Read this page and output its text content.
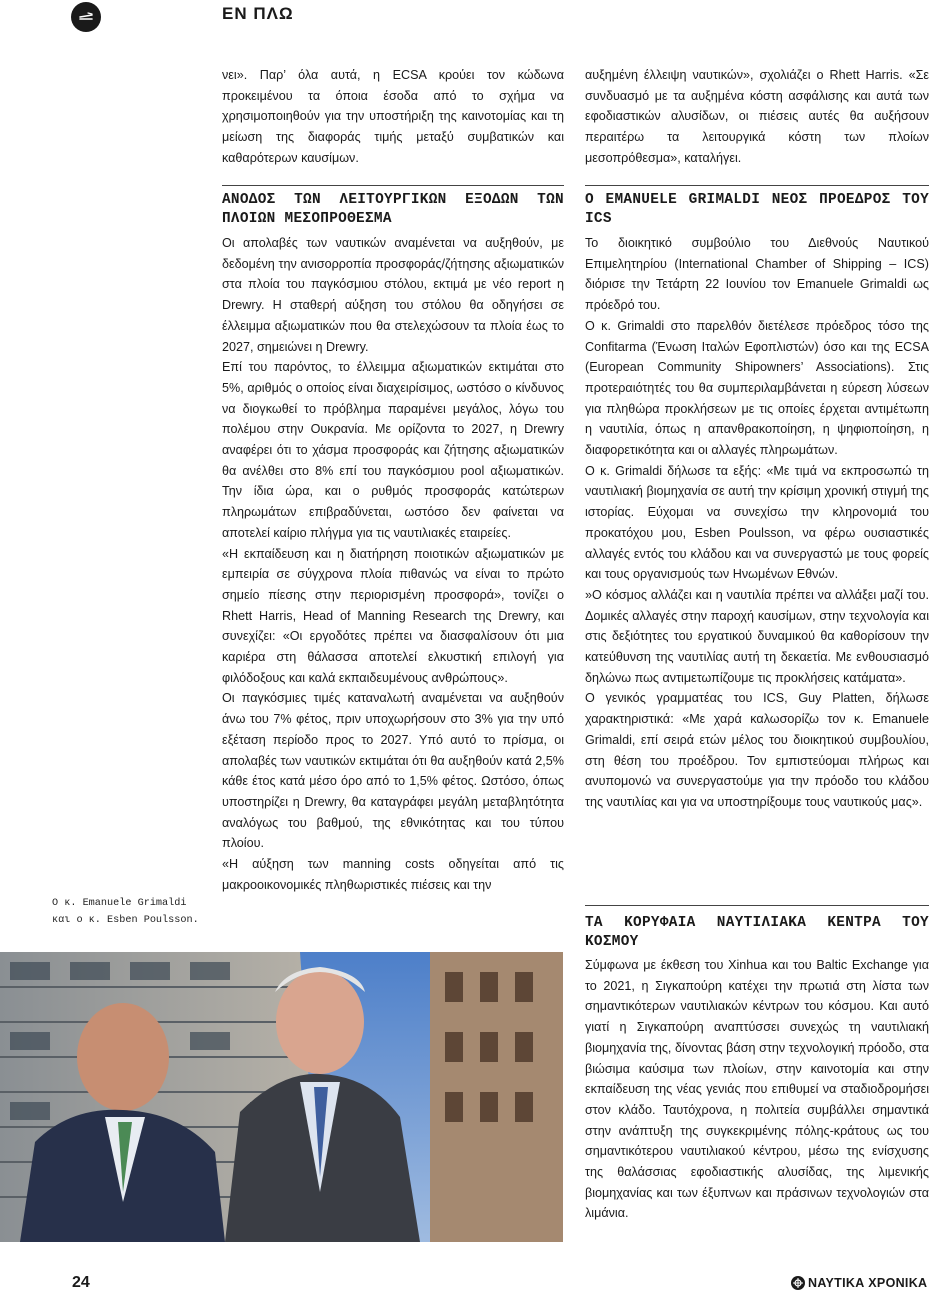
ΕΝ ΠΛΩ

νει». Παρ’ όλα αυτά, η ECSA κρούει τον κώδωνα προκειμένου τα όποια έσοδα από το σχήμα να χρησιμοποιηθούν για την υποστήριξη της καινοτομίας και τη μείωση της διαφοράς τιμής μεταξύ συμβατικών και καθαρότερων καυσίμων.

ΑΝΟΔΟΣ ΤΩΝ ΛΕΙΤΟΥΡΓΙΚΩΝ ΕΞΟΔΩΝ ΤΩΝ ΠΛΟΙΩΝ ΜΕΣΟΠΡΟΘΕΣΜΑ

Οι απολαβές των ναυτικών αναμένεται να αυξηθούν, με δεδομένη την ανισορροπία προσφοράς/ζήτησης αξιωματικών στα πλοία του παγκόσμιου στόλου, εκτιμά με νέο report η Drewry. Η σταθερή αύξηση του στόλου θα οδηγήσει σε έλλειμμα αξιωματικών που θα στελεχώσουν τα πλοία έως το 2027, σημειώνει η Drewry.

Επί του παρόντος, το έλλειμμα αξιωματικών εκτιμάται στο 5%, αριθμός ο οποίος είναι διαχειρίσιμος, ωστόσο ο κίνδυνος να διογκωθεί το πρόβλημα παραμένει μεγάλος, λόγω του πολέμου στην Ουκρανία. Με ορίζοντα το 2027, η Drewry αναφέρει ότι το χάσμα προσφοράς και ζήτησης αξιωματικών θα ανέλθει στο 8% επί του παγκόσμιου pool αξιωματικών. Την ίδια ώρα, και ο ρυθμός προσφοράς κατώτερων πληρωμάτων επιβραδύνεται, ωστόσο δεν φαίνεται να αποτελεί καίριο πλήγμα για τις ναυτιλιακές εταιρείες.

«Η εκπαίδευση και η διατήρηση ποιοτικών αξιωματικών με εμπειρία σε σύγχρονα πλοία πιθανώς να είναι το πρώτο σημείο πίεσης στην περιορισμένη προσφορά», τονίζει ο Rhett Harris, Head of Manning Research της Drewry, και συνεχίζει: «Οι εργοδότες πρέπει να διασφαλίσουν ότι μια καριέρα στη θάλασσα αποτελεί ελκυστική επιλογή για φιλόδοξους και καλά εκπαιδευμένους ανθρώπους».

Οι παγκόσμιες τιμές καταναλωτή αναμένεται να αυξηθούν άνω του 7% φέτος, πριν υποχωρήσουν στο 3% για την υπό εξέταση περίοδο προς το 2027. Υπό αυτό το πρίσμα, οι απολαβές των ναυτικών εκτιμάται ότι θα αυξηθούν κατά 2,5% κάθε έτος κατά μέσο όρο από το 1,5% φέτος. Ωστόσο, όπως υποστηρίζει η Drewry, θα καταγράφει μεγάλη μεταβλητότητα αναλόγως του βαθμού, της εθνικότητας και του τύπου πλοίου.

«Η αύξηση των manning costs οδηγείται από τις μακροοικονομικές πληθωριστικές πιέσεις και την

αυξημένη έλλειψη ναυτικών», σχολιάζει ο Rhett Harris. «Σε συνδυασμό με τα αυξημένα κόστη ασφάλισης και αυτά των εφοδιαστικών αλυσίδων, οι πιέσεις αυτές θα αυξήσουν περαιτέρω τα λειτουργικά κόστη των πλοίων μεσοπρόθεσμα», καταλήγει.

Ο EMANUELE GRIMALDI ΝΕΟΣ ΠΡΟΕΔΡΟΣ ΤΟΥ ICS

Το διοικητικό συμβούλιο του Διεθνούς Ναυτικού Επιμελητηρίου (International Chamber of Shipping – ICS) διόρισε την Τετάρτη 22 Ιουνίου τον Emanuele Grimaldi ως πρόεδρό του.

Ο κ. Grimaldi στο παρελθόν διετέλεσε πρόεδρος τόσο της Confitarma (Ένωση Ιταλών Εφοπλιστών) όσο και της ECSA (European Community Shipowners’ Associations). Στις προτεραιότητές του θα συμπεριλαμβάνεται η εύρεση λύσεων για πληθώρα προκλήσεων με τις οποίες έρχεται αντιμέτωπη η ναυτιλία, όπως η απανθρακοποίηση, η ψηφιοποίηση, η διαφορετικότητα και οι αλλαγές πληρωμάτων.

Ο κ. Grimaldi δήλωσε τα εξής: «Με τιμά να εκπροσωπώ τη ναυτιλιακή βιομηχανία σε αυτή την κρίσιμη χρονική στιγμή της ιστορίας. Εύχομαι να συνεχίσω την κληρονομιά του προκατόχου μου, Esben Poulsson, να φέρω ουσιαστικές αλλαγές εντός του κλάδου και να συνεργαστώ με τους φορείς και τους οργανισμούς των Ηνωμένων Εθνών.

»Ο κόσμος αλλάζει και η ναυτιλία πρέπει να αλλάξει μαζί του. Δομικές αλλαγές στην παροχή καυσίμων, στην τεχνολογία και στις δεξιότητες του εργατικού δυναμικού θα καθορίσουν την κατεύθυνση της ναυτιλίας αυτή τη δεκαετία. Με ενθουσιασμό δηλώνω πως αντιμετωπίζουμε τις προκλήσεις κατάματα».

Ο γενικός γραμματέας του ICS, Guy Platten, δήλωσε χαρακτηριστικά: «Με χαρά καλωσορίζω τον κ. Emanuele Grimaldi, επί σειρά ετών μέλος του διοικητικού συμβουλίου, στη θέση του προέδρου. Τον εμπιστεύομαι πλήρως και ανυπομονώ να συνεργαστούμε για την πρόοδο του κλάδου της ναυτιλίας και για να υποστηρίξουμε τους ναυτικούς μας».

ΤΑ ΚΟΡΥΦΑΙΑ ΝΑΥΤΙΛΙΑΚΑ ΚΕΝΤΡΑ ΤΟΥ ΚΟΣΜΟΥ

Σύμφωνα με έκθεση του Xinhua και του Baltic Exchange για το 2021, η Σιγκαπούρη κατέχει την πρωτιά στη λίστα των σημαντικότερων ναυτιλιακών κέντρων του κόσμου. Και αυτό γιατί η Σιγκαπούρη αναπτύσσει συνεχώς τη ναυτιλιακή βιομηχανία της, δίνοντας βάση στην τεχνολογική πρόοδο, στα βιώσιμα καύσιμα των πλοίων, στην καινοτομία και στην εκπαίδευση της νέας γενιάς που επιθυμεί να σταδιοδρομήσει στον κλάδο. Ταυτόχρονα, η πολιτεία συμβάλλει σημαντικά στην ανάπτυξη της συγκεκριμένης πόλης-κράτους ως του σημαντικότερου ναυτιλιακού κέντρου, μέσω της ενίσχυσης της θαλάσσιας εφοδιαστικής αλυσίδας, της λιμενικής βιομηχανίας και των έξυπνων και πράσινων τεχνολογιών στα λιμάνια.

Ο κ. Emanuele Grimaldi
και ο κ. Esben Poulsson.
24	ΝΑΥΤΙΚΑ ΧΡΟΝΙΚΑ
